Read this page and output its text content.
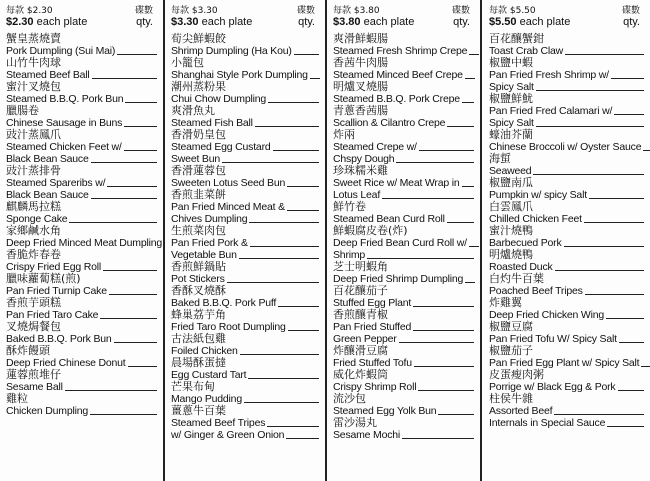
每款 $2.30	碟數
$2.30 each plate	qty.
蟹皇蒸燒賣
Pork Dumpling (Sui Mai)
山竹牛肉球
Steamed Beef Ball
蜜汁叉燒包
Steamed B.B.Q. Pork Bun
臘腸卷
Chinese Sausage in Buns
豉汁蒸鳳爪
Steamed Chicken Feet w/
Black Bean Sauce
豉汁蒸排骨
Steamed Spareribs w/
Black Bean Sauce
麒麟馬拉糕
Sponge Cake
家鄉鹹水角
Deep Fried Minced Meat Dumpling
香脆炸春卷
Crispy Fried Egg Roll
臘味蘿蔔糕(煎)
Pan Fried Turnip Cake
香煎芋頭糕
Pan Fried Taro Cake
叉燒焗餐包
Baked B.B.Q. Pork Bun
酥炸饅頭
Deep Fried Chinese Donut
蓮蓉煎堆仔
Sesame Ball
雞粒
Chicken Dumpling
每款 $3.30	碟數
$3.30 each plate	qty.
荀尖鮮蝦餃
Shrimp Dumpling (Ha Kou)
小籠包
Shanghai Style Pork Dumpling
潮州蒸粉果
Chui Chow Dumpling
爽滑魚丸
Steamed Fish Ball
香滑奶皇包
Steamed Egg Custard
Sweet Bun
香滑蓮蓉包
Sweeten Lotus Seed Bun
香煎韭菜餅
Pan Fried Minced Meat &
Chives Dumpling
生煎菜肉包
Pan Fried Pork &
Vegetable Bun
香煎鮮鍋貼
Pot Stickers
香酥叉燒酥
Baked B.B.Q. Pork Puff
蜂巢荔芋角
Fried Taro Root Dumpling
古法紙包雞
Foiled Chicken
晨場酥蛋撻
Egg Custard Tart
芒果布甸
Mango Pudding
薑蔥牛百葉
Steamed Beef Tripes
w/ Ginger & Green Onion
每款 $3.80	碟數
$3.80 each plate	qty.
爽滑鮮蝦腸
Steamed Fresh Shrimp Crepe
香茜牛肉腸
Steamed Minced Beef Crepe
明爐叉燒腸
Steamed B.B.Q. Pork Crepe
青蔥香茜腸
Scallion & Cilantro Crepe
炸兩
Steamed Crepe w/
Chspy Dough
珍珠糯米雞
Sweet Rice w/ Meat Wrap in
Lotus Leaf
鮮竹卷
Steamed Bean Curd Roll
鮮蝦腐皮卷(炸)
Deep Fried Bean Curd Roll w/
Shrimp
芝士明蝦角
Deep Fried Shrimp Dumpling
百花釀茄子
Stuffed Egg Plant
香煎釀青椒
Pan Fried Stuffed
Green Pepper
炸釀滑豆腐
Fried Stuffed Tofu
威化炸蝦筒
Crispy Shrimp Roll
流沙包
Steamed Egg Yolk Bun
雷沙湯丸
Sesame Mochi
每款 $5.50	碟數
$5.50 each plate	qty.
百花釀蟹鉗
Toast Crab Claw
椒鹽中蝦
Pan Fried Fresh Shrimp w/
Spicy Salt
椒鹽鮮魷
Pan Fried Fred Calamari w/
Spicy Salt
蠔油芥蘭
Chinese Broccoli w/ Oyster Sauce
海蜇
Seaweed
椒鹽南瓜
Pumpkin w/ spicy Salt
白雲鳳爪
Chilled Chicken Feet
蜜汁燒鴨
Barbecued Pork
明爐燒鴨
Roasted Duck
白灼牛百葉
Poached Beef Tripes
炸雞翼
Deep Fried Chicken Wing
椒鹽豆腐
Pan Fried Tofu W/ Spicy Salt
椒鹽茄子
Pan Fried Egg Plant w/ Spicy Salt
皮蛋瘦肉粥
Porrige w/ Black Egg & Pork
柱侯牛雜
Assorted Beef
Internals in Special Sauce
